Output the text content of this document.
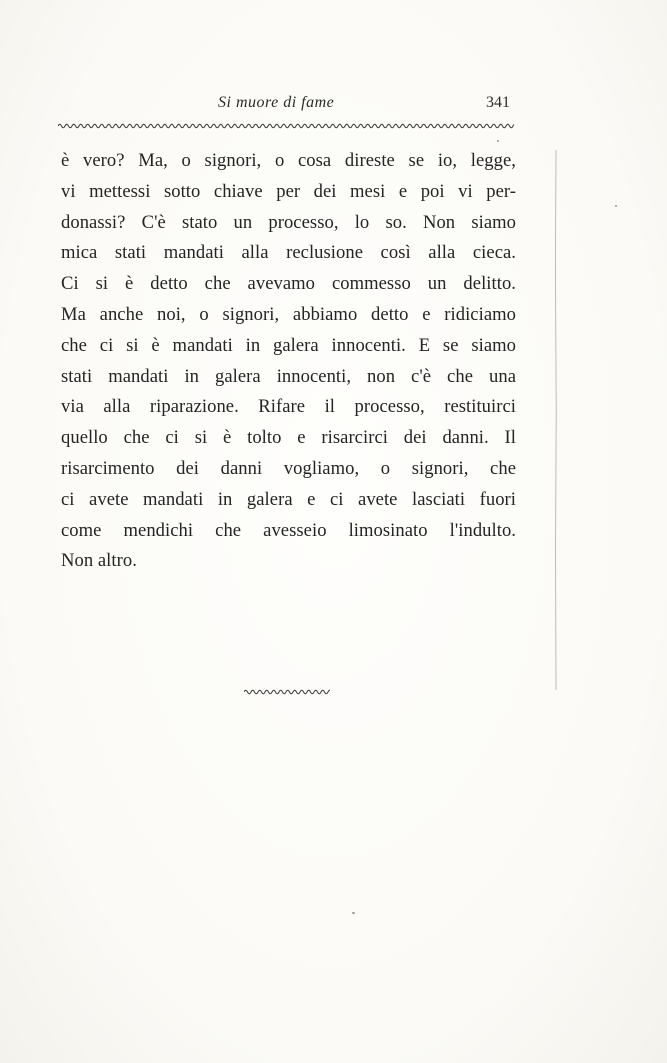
Si muore di fame	341
è vero? Ma, o signori, o cosa direste se io, legge,
vi mettessi sotto chiave per dei mesi e poi vi per-
donassi? C'è stato un processo, lo so. Non siamo
mica stati mandati alla reclusione così alla cieca.
Ci si è detto che avevamo commesso un delitto.
Ma anche noi, o signori, abbiamo detto e ridiciamo
che ci si è mandati in galera innocenti. E se siamo
stati mandati in galera innocenti, non c'è che una
via alla riparazione. Rifare il processo, restituirci
quello che ci si è tolto e risarcirci dei danni. Il
risarcimento dei danni vogliamo, o signori, che
ci avete mandati in galera e ci avete lasciati fuori
come mendichi che avesseio limosinato l'indulto.
Non altro.
